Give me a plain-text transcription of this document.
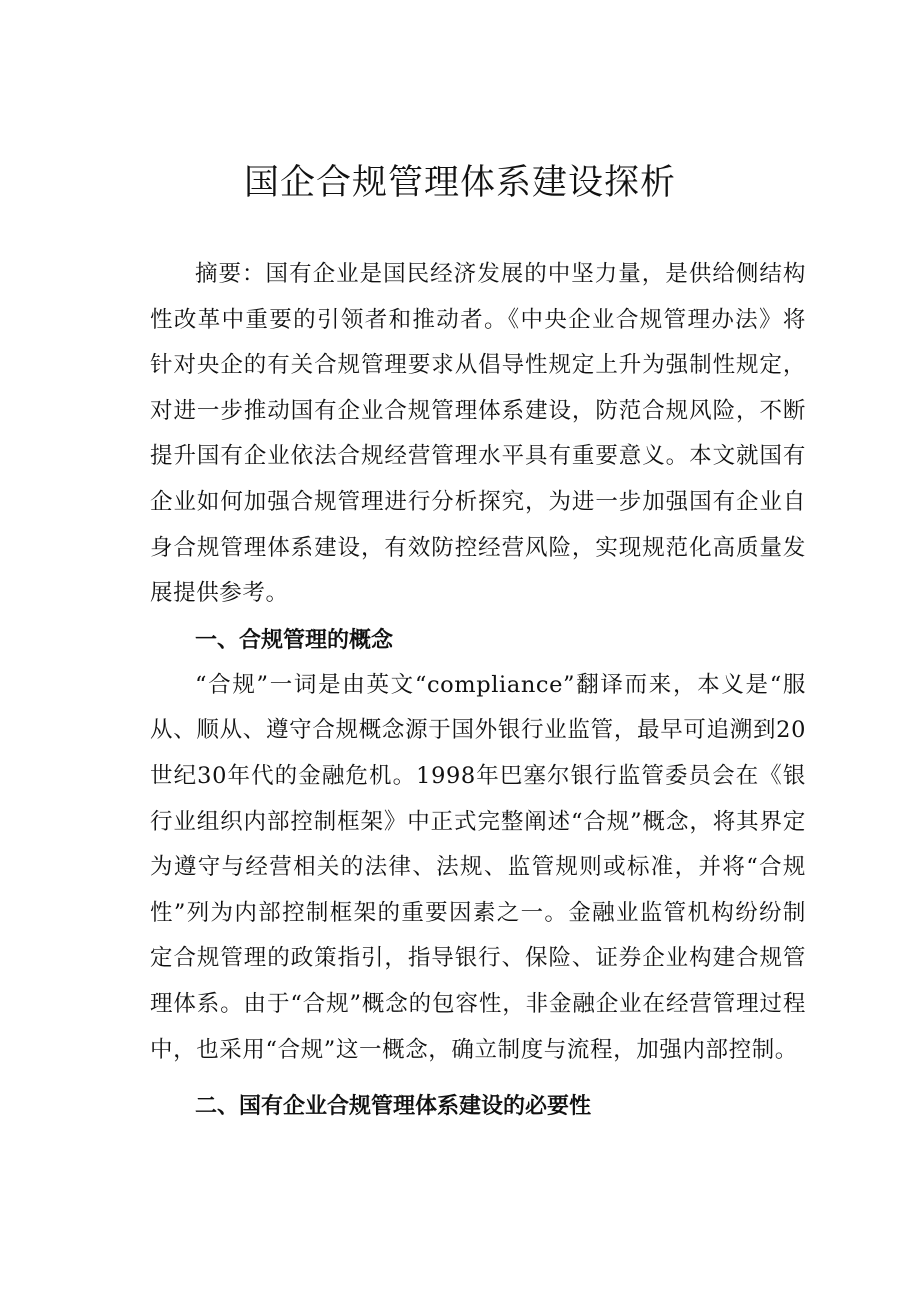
国企合规管理体系建设探析

摘要：国有企业是国民经济发展的中坚力量，是供给侧结构性改革中重要的引领者和推动者。《中央企业合规管理办法》将针对央企的有关合规管理要求从倡导性规定上升为强制性规定，对进一步推动国有企业合规管理体系建设，防范合规风险，不断提升国有企业依法合规经营管理水平具有重要意义。本文就国有企业如何加强合规管理进行分析探究，为进一步加强国有企业自身合规管理体系建设，有效防控经营风险，实现规范化高质量发展提供参考。

一、合规管理的概念

“合规”一词是由英文“compliance”翻译而来，本义是“服从、顺从、遵守合规概念源于国外银行业监管，最早可追溯到20世纪30年代的金融危机。1998年巴塞尔银行监管委员会在《银行业组织内部控制框架》中正式完整阐述“合规”概念，将其界定为遵守与经营相关的法律、法规、监管规则或标准，并将“合规性”列为内部控制框架的重要因素之一。金融业监管机构纷纷制定合规管理的政策指引，指导银行、保险、证券企业构建合规管理体系。由于“合规”概念的包容性，非金融企业在经营管理过程中，也采用“合规”这一概念，确立制度与流程，加强内部控制。

二、国有企业合规管理体系建设的必要性
